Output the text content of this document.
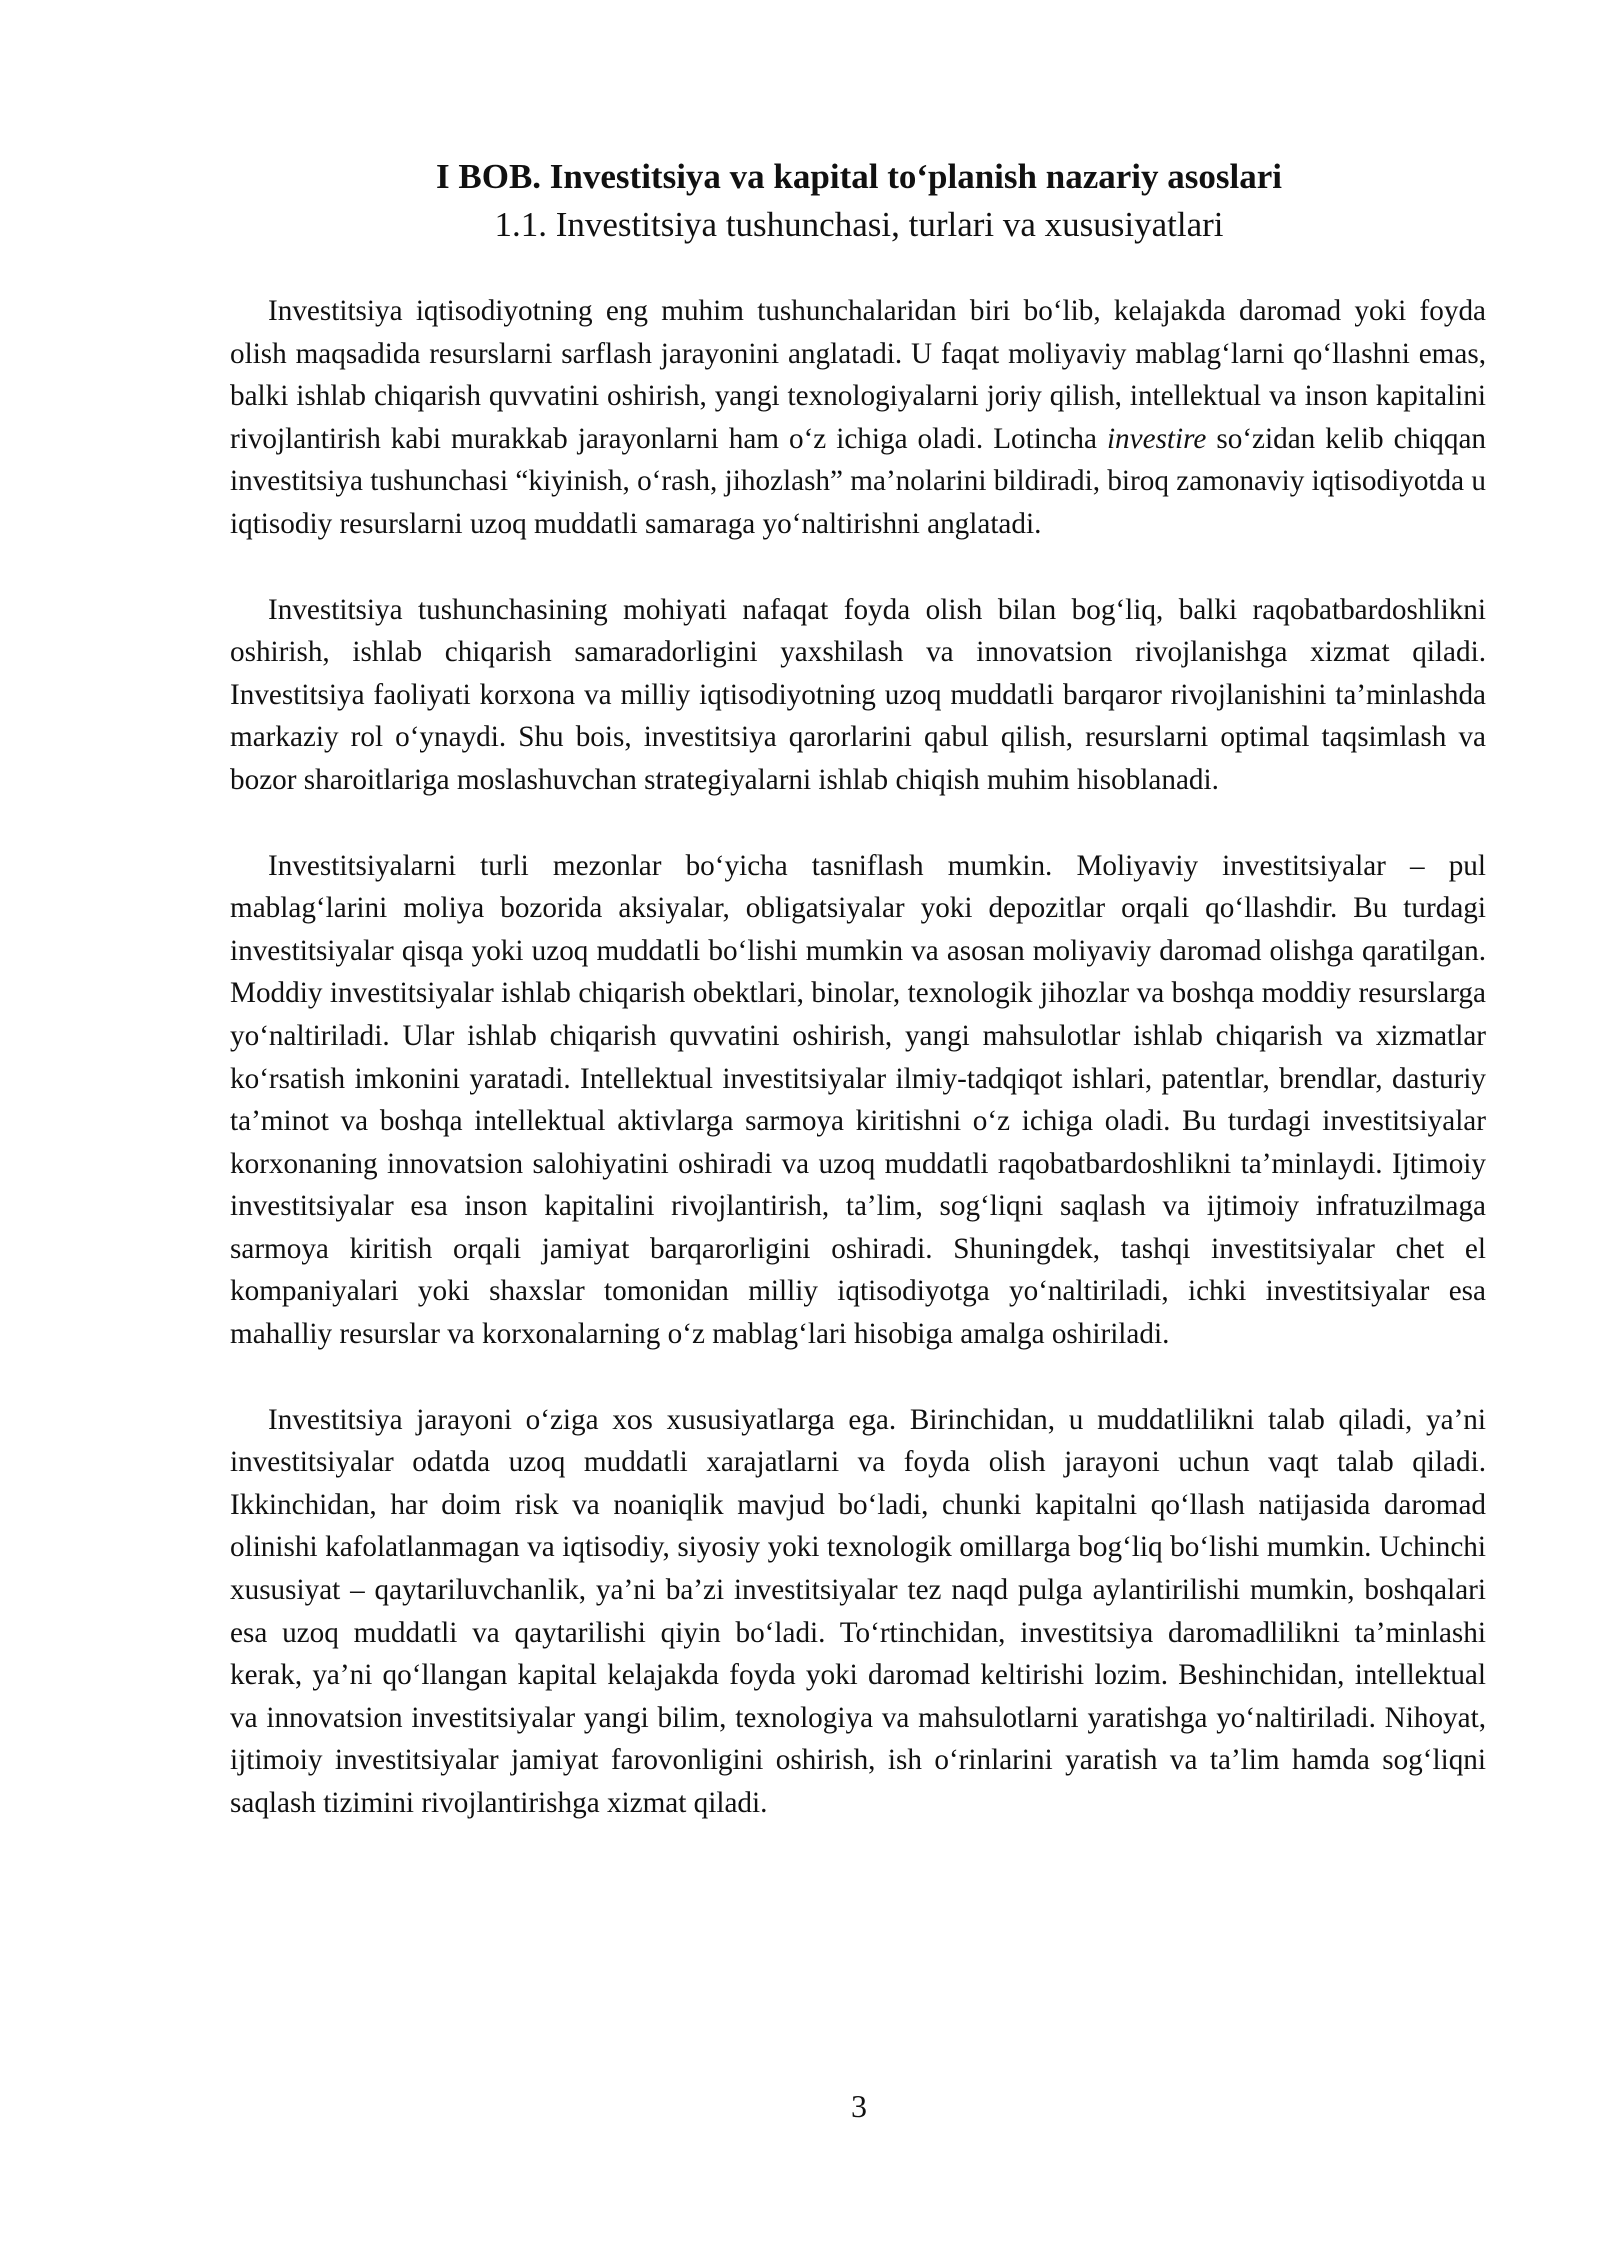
I BOB. Investitsiya va kapital to‘planish nazariy asoslari
1.1. Investitsiya tushunchasi, turlari va xususiyatlari

Investitsiya iqtisodiyotning eng muhim tushunchalaridan biri bo‘lib, kelajakda daromad yoki foyda olish maqsadida resurslarni sarflash jarayonini anglatadi. U faqat moliyaviy mablag‘larni qo‘llashni emas, balki ishlab chiqarish quvvatini oshirish, yangi texnologiyalarni joriy qilish, intellektual va inson kapitalini rivojlantirish kabi murakkab jarayonlarni ham o‘z ichiga oladi. Lotincha investire so‘zidan kelib chiqqan investitsiya tushunchasi “kiyinish, o‘rash, jihozlash” ma’nolarini bildiradi, biroq zamonaviy iqtisodiyotda u iqtisodiy resurslarni uzoq muddatli samaraga yo‘naltirishni anglatadi.

Investitsiya tushunchasining mohiyati nafaqat foyda olish bilan bog‘liq, balki raqobatbardoshlikni oshirish, ishlab chiqarish samaradorligini yaxshilash va innovatsion rivojlanishga xizmat qiladi. Investitsiya faoliyati korxona va milliy iqtisodiyotning uzoq muddatli barqaror rivojlanishini ta’minlashda markaziy rol o‘ynaydi. Shu bois, investitsiya qarorlarini qabul qilish, resurslarni optimal taqsimlash va bozor sharoitlariga moslashuvchan strategiyalarni ishlab chiqish muhim hisoblanadi.

Investitsiyalarni turli mezonlar bo‘yicha tasniflash mumkin. Moliyaviy investitsiyalar – pul mablag‘larini moliya bozorida aksiyalar, obligatsiyalar yoki depozitlar orqali qo‘llashdir. Bu turdagi investitsiyalar qisqa yoki uzoq muddatli bo‘lishi mumkin va asosan moliyaviy daromad olishga qaratilgan. Moddiy investitsiyalar ishlab chiqarish obektlari, binolar, texnologik jihozlar va boshqa moddiy resurslarga yo‘naltiriladi. Ular ishlab chiqarish quvvatini oshirish, yangi mahsulotlar ishlab chiqarish va xizmatlar ko‘rsatish imkonini yaratadi. Intellektual investitsiyalar ilmiy-tadqiqot ishlari, patentlar, brendlar, dasturiy ta’minot va boshqa intellektual aktivlarga sarmoya kiritishni o‘z ichiga oladi. Bu turdagi investitsiyalar korxonaning innovatsion salohiyatini oshiradi va uzoq muddatli raqobatbardoshlikni ta’minlaydi. Ijtimoiy investitsiyalar esa inson kapitalini rivojlantirish, ta’lim, sog‘liqni saqlash va ijtimoiy infratuzilmaga sarmoya kiritish orqali jamiyat barqarorligini oshiradi. Shuningdek, tashqi investitsiyalar chet el kompaniyalari yoki shaxslar tomonidan milliy iqtisodiyotga yo‘naltiriladi, ichki investitsiyalar esa mahalliy resurslar va korxonalarning o‘z mablag‘lari hisobiga amalga oshiriladi.

Investitsiya jarayoni o‘ziga xos xususiyatlarga ega. Birinchidan, u muddatlilikni talab qiladi, ya’ni investitsiyalar odatda uzoq muddatli xarajatlarni va foyda olish jarayoni uchun vaqt talab qiladi. Ikkinchidan, har doim risk va noaniqlik mavjud bo‘ladi, chunki kapitalni qo‘llash natijasida daromad olinishi kafolatlanmagan va iqtisodiy, siyosiy yoki texnologik omillarga bog‘liq bo‘lishi mumkin. Uchinchi xususiyat – qaytariluvchanlik, ya’ni ba’zi investitsiyalar tez naqd pulga aylantirilishi mumkin, boshqalari esa uzoq muddatli va qaytarilishi qiyin bo‘ladi. To‘rtinchidan, investitsiya daromadlilikni ta’minlashi kerak, ya’ni qo‘llangan kapital kelajakda foyda yoki daromad keltirishi lozim. Beshinchidan, intellektual va innovatsion investitsiyalar yangi bilim, texnologiya va mahsulotlarni yaratishga yo‘naltiriladi. Nihoyat, ijtimoiy investitsiyalar jamiyat farovonligini oshirish, ish o‘rinlarini yaratish va ta’lim hamda sog‘liqni saqlash tizimini rivojlantirishga xizmat qiladi.

3
